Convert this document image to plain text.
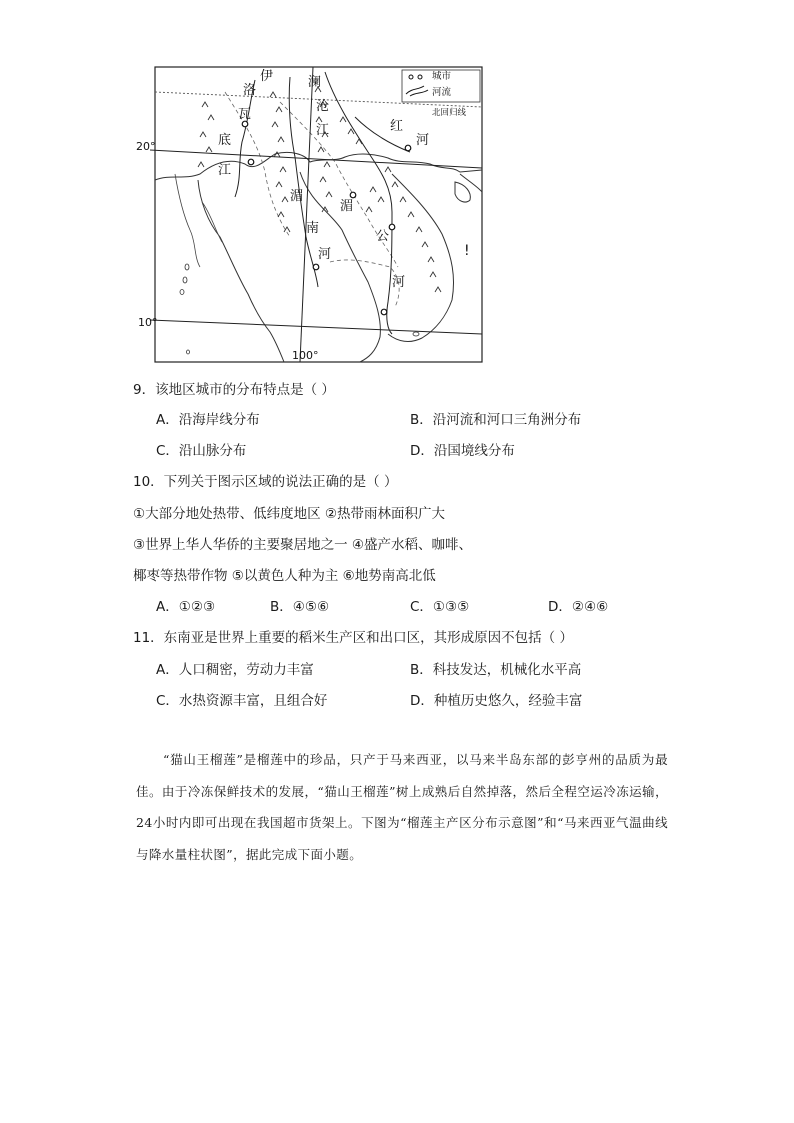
城市
河流
北回归线
20°
10°
100°
伊
洛
瓦
底
江
澜
沧
江	红
河
湄
南
河
湄
公
河
!
9．该地区城市的分布特点是（ ）
A．沿海岸线分布	B．沿河流和河口三角洲分布
C．沿山脉分布	D．沿国境线分布
10．下列关于图示区域的说法正确的是（ ）
①大部分地处热带、低纬度地区 ②热带雨林面积广大
③世界上华人华侨的主要聚居地之一 ④盛产水稻、咖啡、
椰枣等热带作物 ⑤以黄色人种为主 ⑥地势南高北低
A．①②③	B．④⑤⑥	C．①③⑤	D．②④⑥
11．东南亚是世界上重要的稻米生产区和出口区，其形成原因不包括（ ）
A．人口稠密，劳动力丰富	B．科技发达，机械化水平高
C．水热资源丰富，且组合好	D．种植历史悠久，经验丰富
“猫山王榴莲”是榴莲中的珍品，只产于马来西亚，以马来半岛东部的彭亨州的品质为最佳。由于冷冻保鲜技术的发展，“猫山王榴莲”树上成熟后自然掉落，然后全程空运冷冻运输，24小时内即可出现在我国超市货架上。下图为“榴莲主产区分布示意图”和“马来西亚气温曲线与降水量柱状图”，据此完成下面小题。
